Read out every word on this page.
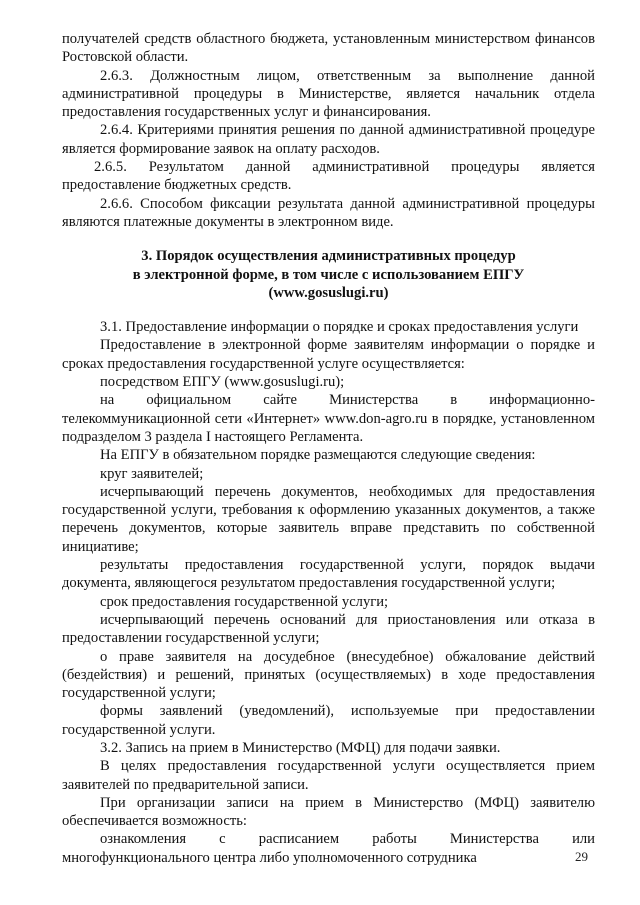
получателей средств областного бюджета, установленным министерством финансов Ростовской области.

2.6.3. Должностным лицом, ответственным за выполнение данной административной процедуры в Министерстве, является начальник отдела предоставления государственных услуг и финансирования.

2.6.4. Критериями принятия решения по данной административной процедуре является формирование заявок на оплату расходов.

2.6.5. Результатом данной административной процедуры является предоставление бюджетных средств.

2.6.6. Способом фиксации результата данной административной процедуры являются платежные документы в электронном виде.

3. Порядок осуществления административных процедур
в электронной форме, в том числе с использованием ЕПГУ
(www.gosuslugi.ru)

3.1. Предоставление информации о порядке и сроках предоставления услуги

Предоставление в электронной форме заявителям информации о порядке и сроках предоставления государственной услуге осуществляется:

посредством ЕПГУ (www.gosuslugi.ru);

на официальном сайте Министерства в информационно-телекоммуникационной сети «Интернет» www.don-agro.ru в порядке, установленном подразделом 3 раздела I настоящего Регламента.

На ЕПГУ в обязательном порядке размещаются следующие сведения:

круг заявителей;

исчерпывающий перечень документов, необходимых для предоставления государственной услуги, требования к оформлению указанных документов, а также перечень документов, которые заявитель вправе представить по собственной инициативе;

результаты предоставления государственной услуги, порядок выдачи документа, являющегося результатом предоставления государственной услуги;

срок предоставления государственной услуги;

исчерпывающий перечень оснований для приостановления или отказа в предоставлении государственной услуги;

о праве заявителя на досудебное (внесудебное) обжалование действий (бездействия) и решений, принятых (осуществляемых) в ходе предоставления государственной услуги;

формы заявлений (уведомлений), используемые при предоставлении государственной услуги.

3.2. Запись на прием в Министерство (МФЦ) для подачи заявки.

В целях предоставления государственной услуги осуществляется прием заявителей по предварительной записи.

При организации записи на прием в Министерство (МФЦ) заявителю обеспечивается возможность:

ознакомления с расписанием работы Министерства или многофункционального центра либо уполномоченного сотрудника	29
